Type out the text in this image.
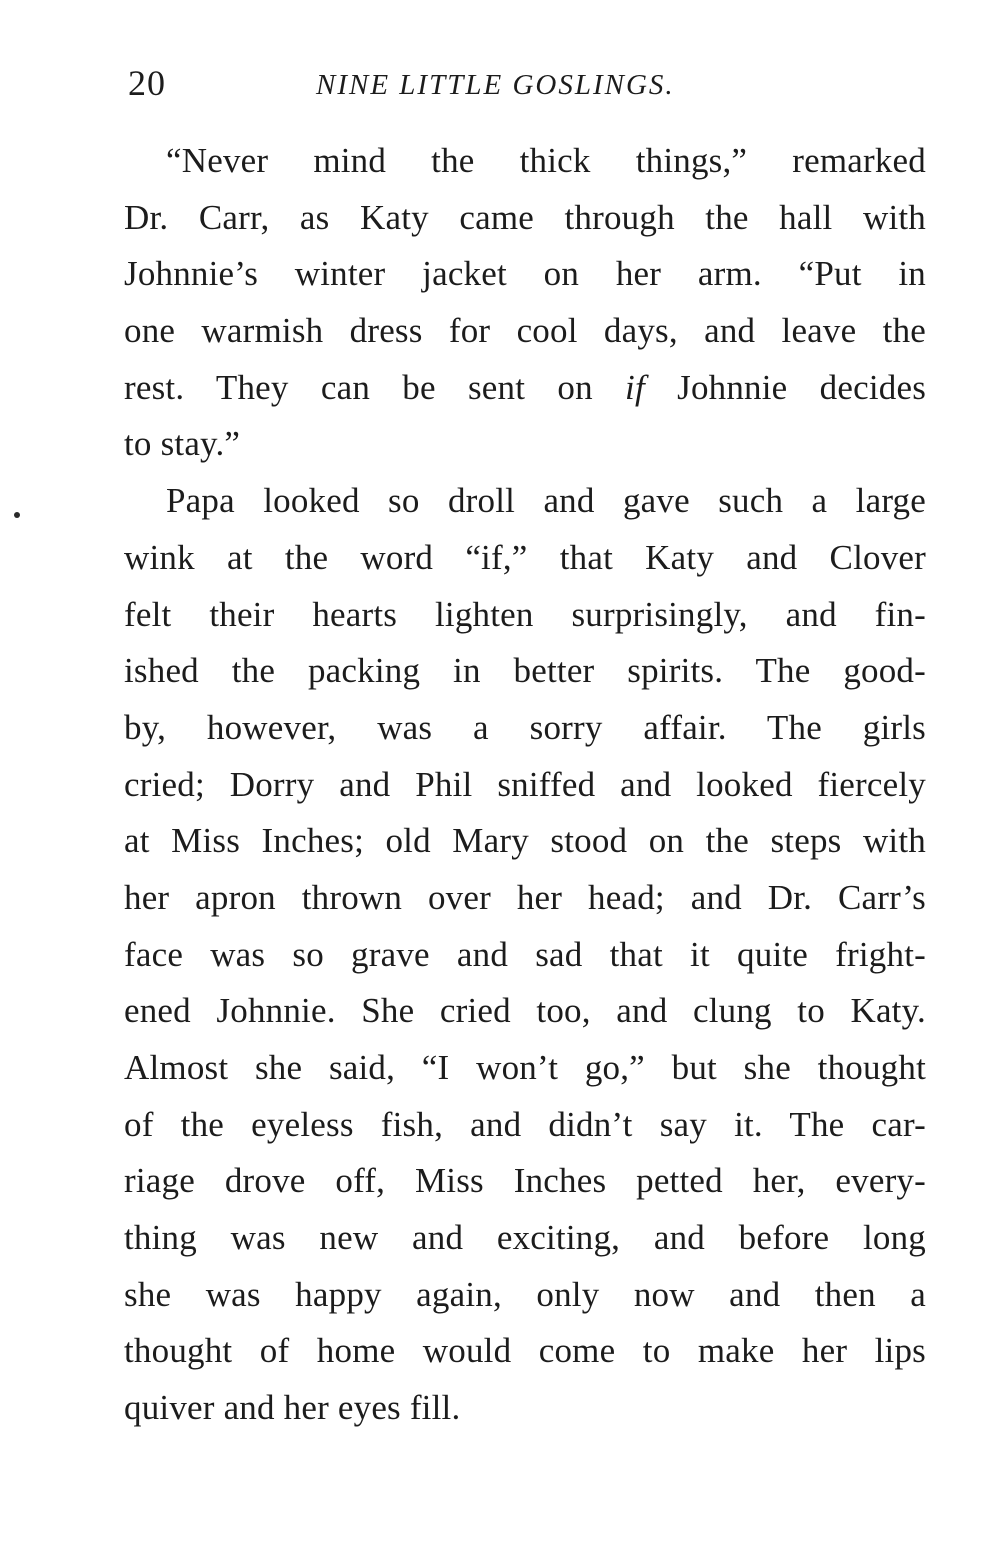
20	NINE LITTLE GOSLINGS.
“Never mind the thick things,” remarked
Dr. Carr, as Katy came through the hall with
Johnnie’s winter jacket on her arm. “Put in
one warmish dress for cool days, and leave the
rest. They can be sent on if Johnnie decides
to stay.”
Papa looked so droll and gave such a large
wink at the word “if,” that Katy and Clover
felt their hearts lighten surprisingly, and fin-
ished the packing in better spirits. The good-
by, however, was a sorry affair. The girls
cried; Dorry and Phil sniffed and looked fiercely
at Miss Inches; old Mary stood on the steps with
her apron thrown over her head; and Dr. Carr’s
face was so grave and sad that it quite fright-
ened Johnnie. She cried too, and clung to Katy.
Almost she said, “I won’t go,” but she thought
of the eyeless fish, and didn’t say it. The car-
riage drove off, Miss Inches petted her, every-
thing was new and exciting, and before long
she was happy again, only now and then a
thought of home would come to make her lips
quiver and her eyes fill.
